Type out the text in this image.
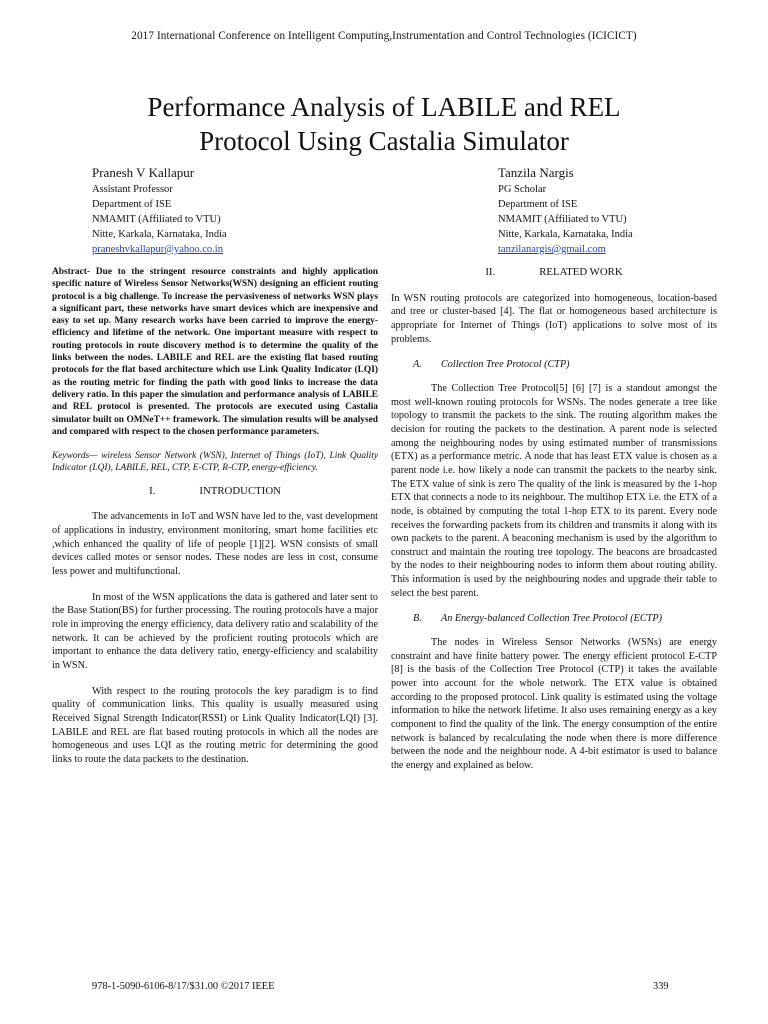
2017 International Conference on Intelligent Computing,Instrumentation and Control Technologies (ICICICT)
Performance Analysis of LABILE and REL
Protocol Using Castalia Simulator
Pranesh V Kallapur
Assistant Professor
Department of ISE
NMAMIT (Affiliated to VTU)
Nitte, Karkala, Karnataka, India
praneshvkallapur@yahoo.co.in
Tanzila Nargis
PG Scholar
Department of ISE
NMAMIT (Affiliated to VTU)
Nitte, Karkala, Karnataka, India
tanzilanargis@gmail.com

Abstract- Due to the stringent resource constraints and highly application specific nature of Wireless Sensor Networks(WSN) designing an efficient routing protocol is a big challenge. To increase the pervasiveness of networks WSN plays a significant part, these networks have smart devices which are inexpensive and easy to set up. Many research works have been carried to improve the energy-efficiency and lifetime of the network. One important measure with respect to routing protocols in route discovery method is to determine the quality of the links between the nodes. LABILE and REL are the existing flat based routing protocols for the flat based architecture which use Link Quality Indicator (LQI) as the routing metric for finding the path with good links to increase the data delivery ratio. In this paper the simulation and performance analysis of LABILE and REL protocol is presented. The protocols are executed using Castalia simulator built on OMNeT++ framework. The simulation results will be analysed and compared with respect to the chosen performance parameters.

Keywords— wireless Sensor Network (WSN), Internet of Things (IoT), Link Quality Indicator (LQI), LABILE, REL, CTP, E-CTP, R-CTP, energy-efficiency.

I.	INTRODUCTION

The advancements in IoT and WSN have led to the, vast development of applications in industry, environment monitoring, smart home facilities etc ,which enhanced the quality of life of people [1][2]. WSN consists of small devices called motes or sensor nodes. These nodes are less in cost, consume less power and multifunctional.

In most of the WSN applications the data is gathered and later sent to the Base Station(BS) for further processing. The routing protocols have a major role in improving the energy efficiency, data delivery ratio and scalability of the network. It can be achieved by the proficient routing protocols which are important to enhance the data delivery ratio, energy-efficiency and scalability in WSN.

With respect to the routing protocols the key paradigm is to find quality of communication links. This quality is usually measured using Received Signal Strength Indicator(RSSI) or Link Quality Indicator(LQI) [3]. LABILE and REL are flat based routing protocols in which all the nodes are homogeneous and uses LQI as the routing metric for determining the good links to route the data packets to the destination.

II.	RELATED WORK

In WSN routing protocols are categorized into homogeneous, location-based and tree or cluster-based [4]. The flat or homogeneous based architecture is appropriate for Internet of Things (IoT) applications to solve most of its problems.

A.	Collection Tree Protocol (CTP)

The Collection Tree Protocol[5] [6] [7] is a standout amongst the most well-known routing protocols for WSNs. The nodes generate a tree like topology to transmit the packets to the sink. The routing algorithm makes the decision for routing the packets to the destination. A parent node is selected among the neighbouring nodes by using estimated number of transmissions (ETX) as a performance metric. A node that has least ETX value is chosen as a parent node i.e. how likely a node can transmit the packets to the nearby sink. The ETX value of sink is zero The quality of the link is measured by the 1-hop ETX that connects a node to its neighbour. The multihop ETX i.e. the ETX of a node, is obtained by computing the total 1-hop ETX to its parent. Every node receives the forwarding packets from its children and transmits it along with its own packets to the parent. A beaconing mechanism is used by the algorithm to construct and maintain the routing tree topology. The beacons are broadcasted by the nodes to their neighbouring nodes to inform them about routing ability. This information is used by the neighbouring nodes and upgrade their table to select the best parent.

B.	An Energy-balanced Collection Tree Protocol (ECTP)

The nodes in Wireless Sensor Networks (WSNs) are energy constraint and have finite battery power. The energy efficient protocol E-CTP [8] is the basis of the Collection Tree Protocol (CTP) it takes the available power into account for the whole network. The ETX value is obtained according to the proposed protocol. Link quality is estimated using the voltage information to hike the network lifetime. It also uses remaining energy as a key component to find the quality of the link. The energy consumption of the entire network is balanced by recalculating the node when there is more difference between the node and the neighbour node. A 4-bit estimator is used to balance the energy and explained as below.

978-1-5090-6106-8/17/$31.00 ©2017 IEEE	339
